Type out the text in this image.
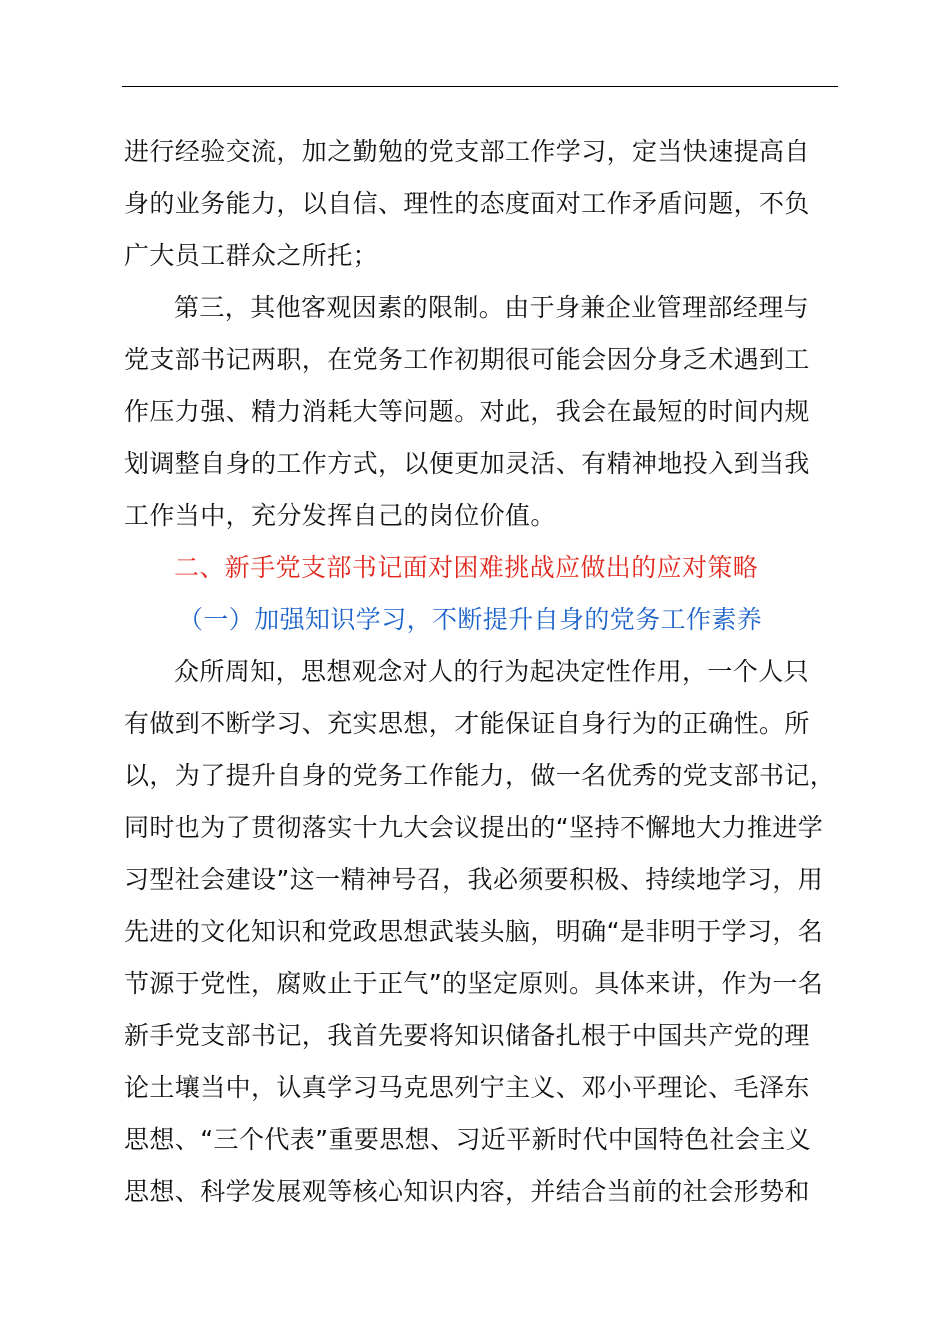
进行经验交流，加之勤勉的党支部工作学习，定当快速提高自
身的业务能力，以自信、理性的态度面对工作矛盾问题，不负
广大员工群众之所托；
第三，其他客观因素的限制。由于身兼企业管理部经理与
党支部书记两职，在党务工作初期很可能会因分身乏术遇到工
作压力强、精力消耗大等问题。对此，我会在最短的时间内规
划调整自身的工作方式，以便更加灵活、有精神地投入到当我
工作当中，充分发挥自己的岗位价值。
二、新手党支部书记面对困难挑战应做出的应对策略
（一）加强知识学习，不断提升自身的党务工作素养
众所周知，思想观念对人的行为起决定性作用，一个人只
有做到不断学习、充实思想，才能保证自身行为的正确性。所
以，为了提升自身的党务工作能力，做一名优秀的党支部书记，
同时也为了贯彻落实十九大会议提出的“坚持不懈地大力推进学
习型社会建设”这一精神号召，我必须要积极、持续地学习，用
先进的文化知识和党政思想武装头脑，明确“是非明于学习，名
节源于党性，腐败止于正气”的坚定原则。具体来讲，作为一名
新手党支部书记，我首先要将知识储备扎根于中国共产党的理
论土壤当中，认真学习马克思列宁主义、邓小平理论、毛泽东
思想、“三个代表”重要思想、习近平新时代中国特色社会主义
思想、科学发展观等核心知识内容，并结合当前的社会形势和
